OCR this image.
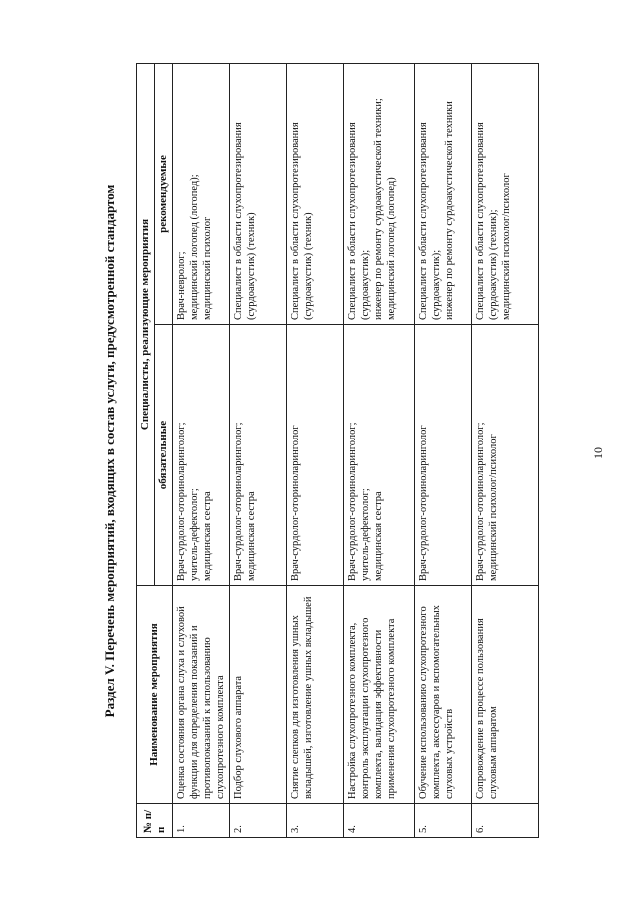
10
Раздел V. Перечень мероприятий, входящих в состав услуги, предусмотренной стандартом
№ п/п	Наименование мероприятия	Специалисты, реализующие мероприятия	
		обязательные	рекомендуемые
1.	Оценка состояния органа слуха и слуховой функции для определения показаний и противопоказаний к использованию слухопротезного комплекта	Врач-сурдолог-оториноларинголог;
учитель-дефектолог;
медицинская сестра	Врач-невролог;
медицинский логопед (логопед);
медицинский психолог
2.	Подбор слухового аппарата	Врач-сурдолог-оториноларинголог;
медицинская сестра	Специалист в области слухопротезирования (сурдоакустик) (техник)
3.	Снятие слепков для изготовления ушных вкладышей, изготовление ушных вкладышей	Врач-сурдолог-оториноларинголог	Специалист в области слухопротезирования (сурдоакустик) (техник)
4.	Настройка слухопротезного комплекта, контроль эксплуатации слухопротезного комплекта, валидация эффективности применения слухопротезного комплекта	Врач-сурдолог-оториноларинголог;
учитель-дефектолог;
медицинская сестра	Специалист в области слухопротезирования (сурдоакустик);
инженер по ремонту сурдоакустической техники;
медицинский логопед (логопед)
5.	Обучение использованию слухопротезного комплекта, аксессуаров и вспомогательных слуховых устройств	Врач-сурдолог-оториноларинголог	Специалист в области слухопротезирования (сурдоакустик);
инженер по ремонту сурдоакустической техники
6.	Сопровождение в процессе пользования слуховым аппаратом	Врач-сурдолог-оториноларинголог;
медицинский психолог/психолог	Специалист в области слухопротезирования (сурдоакустик) (техник);
медицинский психолог/психолог
